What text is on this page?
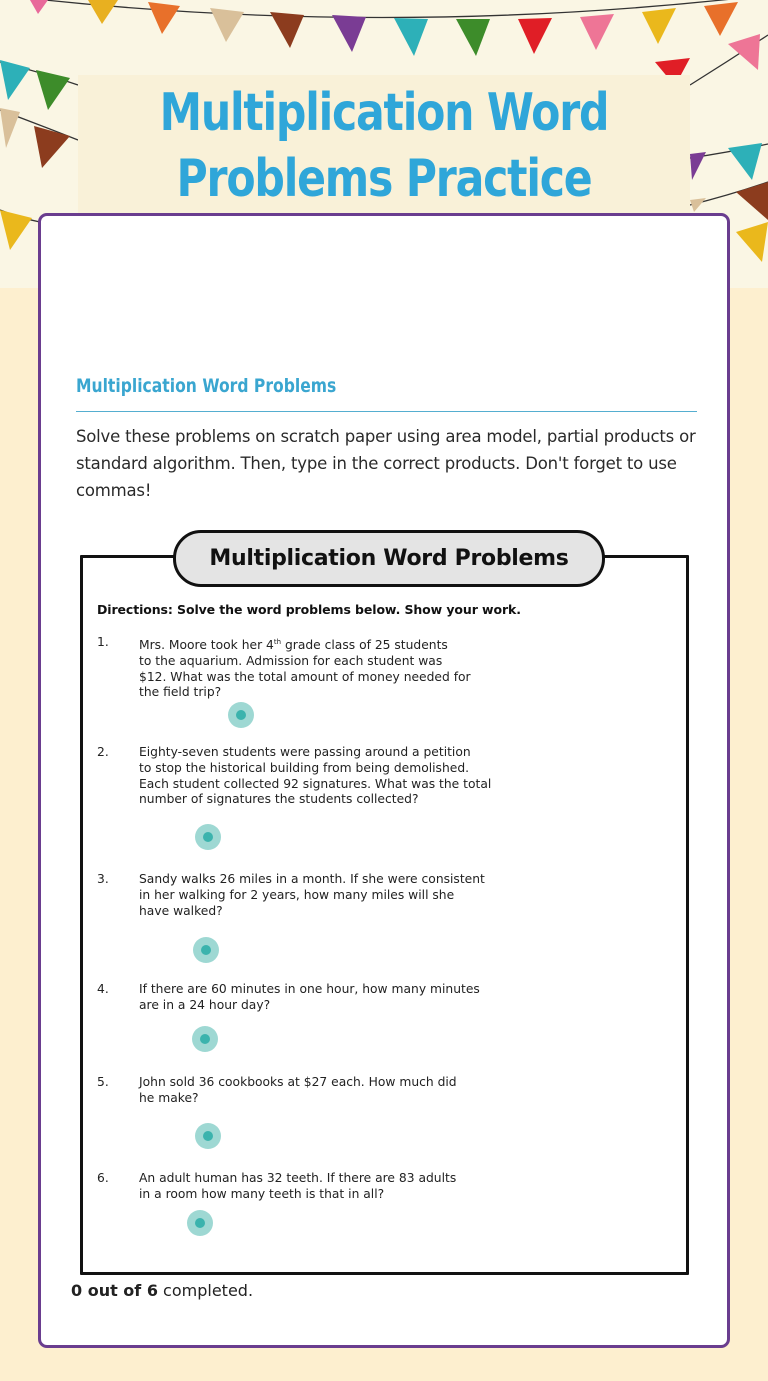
Multiplication Word
Problems Practice
Multiplication Word Problems

Solve these problems on scratch paper using area model, partial products or standard algorithm. Then, type in the correct products. Don't forget to use commas!

Multiplication Word Problems
Directions: Solve the word problems below. Show your work.
1.	Mrs. Moore took her 4th grade class of 25 students
to the aquarium. Admission for each student was
$12. What was the total amount of money needed for
the field trip?
2.	Eighty-seven students were passing around a petition
to stop the historical building from being demolished.
Each student collected 92 signatures. What was the total
number of signatures the students collected?
3.	Sandy walks 26 miles in a month. If she were consistent
in her walking for 2 years, how many miles will she
have walked?
4.	If there are 60 minutes in one hour, how many minutes
are in a 24 hour day?
5.	John sold 36 cookbooks at $27 each. How much did
he make?
6.	An adult human has 32 teeth. If there are 83 adults
in a room how many teeth is that in all?
0 out of 6 completed.
